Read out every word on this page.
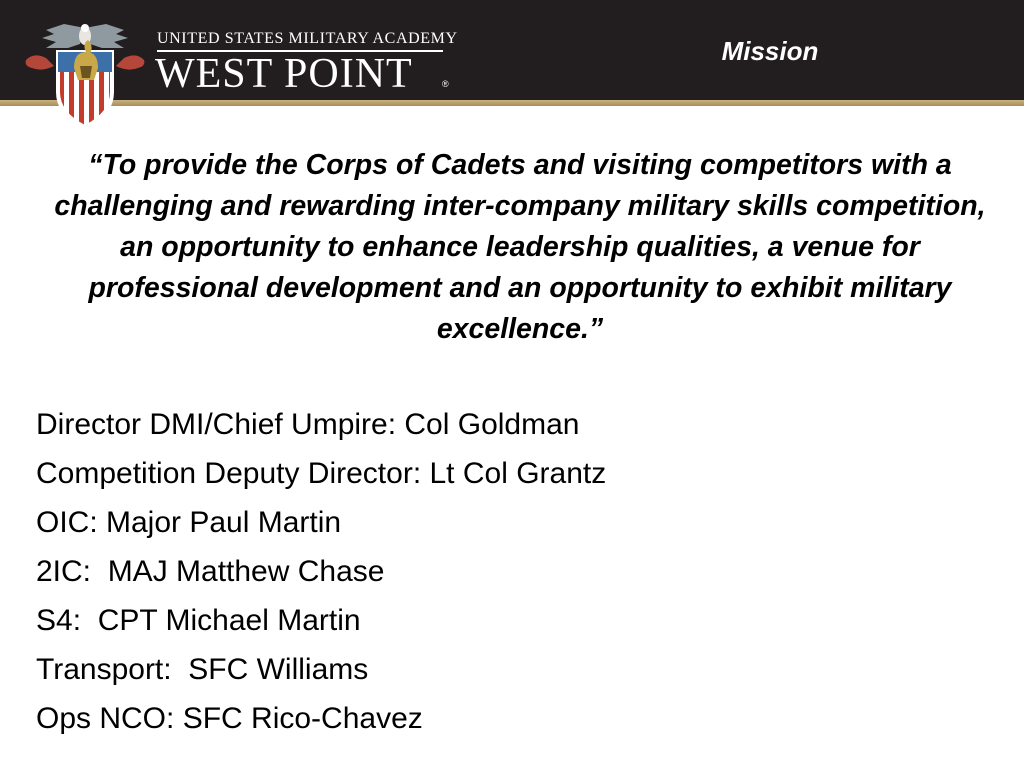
UNITED STATES MILITARY ACADEMY
WEST POINT	®
Mission
“To provide the Corps of Cadets and visiting competitors with a challenging and rewarding inter-company military skills competition, an opportunity to enhance leadership qualities, a venue for professional development and an opportunity to exhibit military excellence.”
Director DMI/Chief Umpire: Col Goldman
Competition Deputy Director: Lt Col Grantz
OIC: Major Paul Martin
2IC:  MAJ Matthew Chase
S4:  CPT Michael Martin
Transport:  SFC Williams
Ops NCO: SFC Rico-Chavez
